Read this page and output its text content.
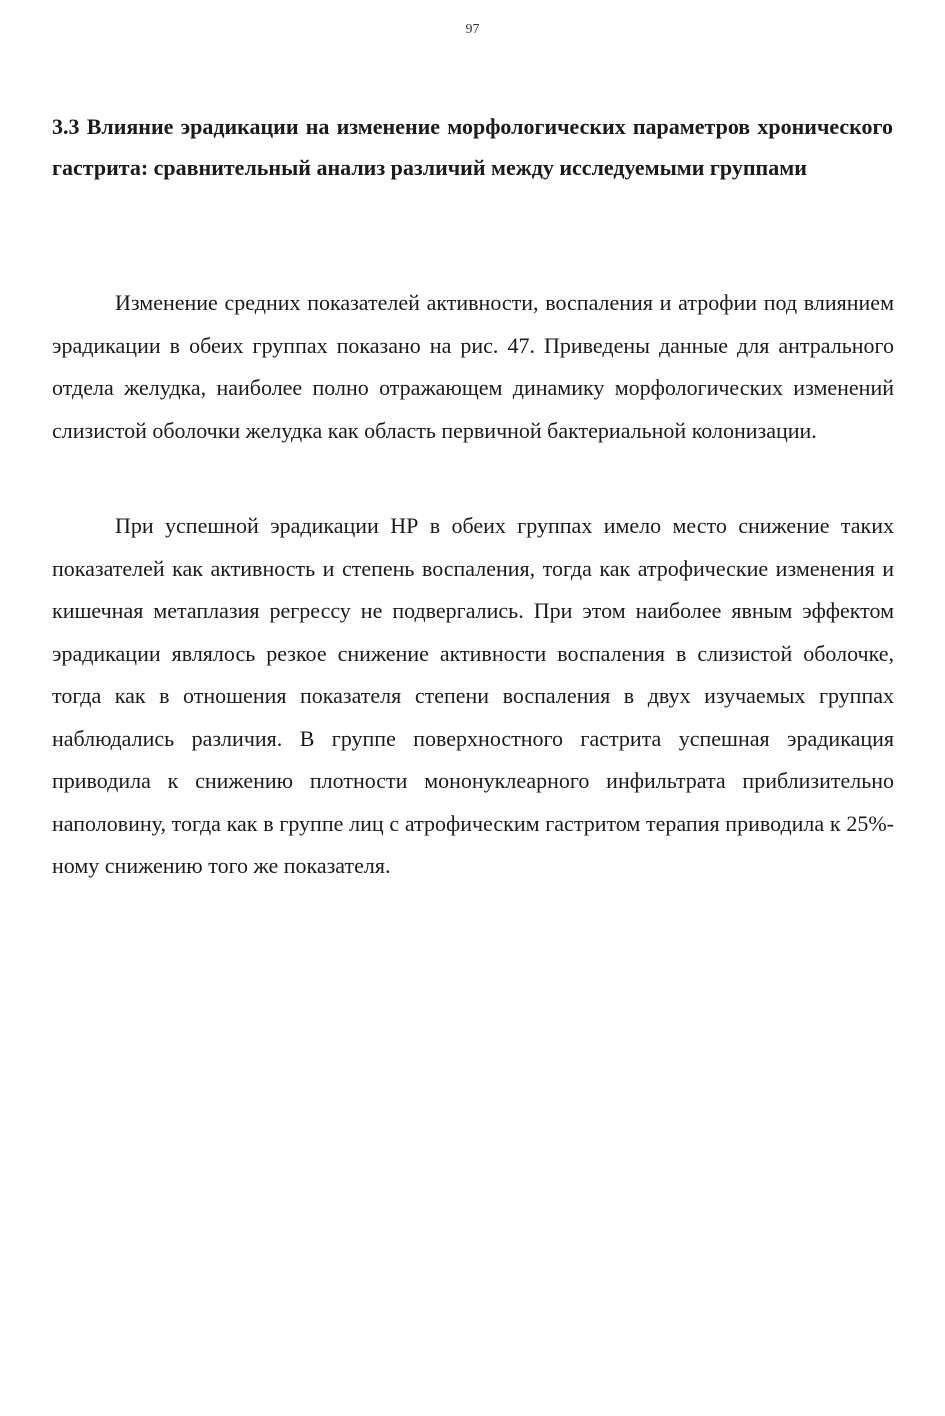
97
3.3 Влияние эрадикации на изменение морфологических параметров хронического гастрита: сравнительный анализ различий между исследуемыми группами

Изменение средних показателей активности, воспаления и атрофии под влиянием эрадикации в обеих группах показано на рис. 47. Приведены данные для антрального отдела желудка, наиболее полно отражающем динамику морфологических изменений слизистой оболочки желудка как область первичной бактериальной колонизации.

При успешной эрадикации НР в обеих группах имело место снижение таких показателей как активность и степень воспаления, тогда как атрофические изменения и кишечная метаплазия регрессу не подвергались. При этом наиболее явным эффектом эрадикации являлось резкое снижение активности воспаления в слизистой оболочке, тогда как в отношения показателя степени воспаления в двух изучаемых группах наблюдались различия. В группе поверхностного гастрита успешная эрадикация приводила к снижению плотности мононуклеарного инфильтрата приблизительно наполовину, тогда как в группе лиц с атрофическим гастритом терапия приводила к 25%-ному снижению того же показателя.
